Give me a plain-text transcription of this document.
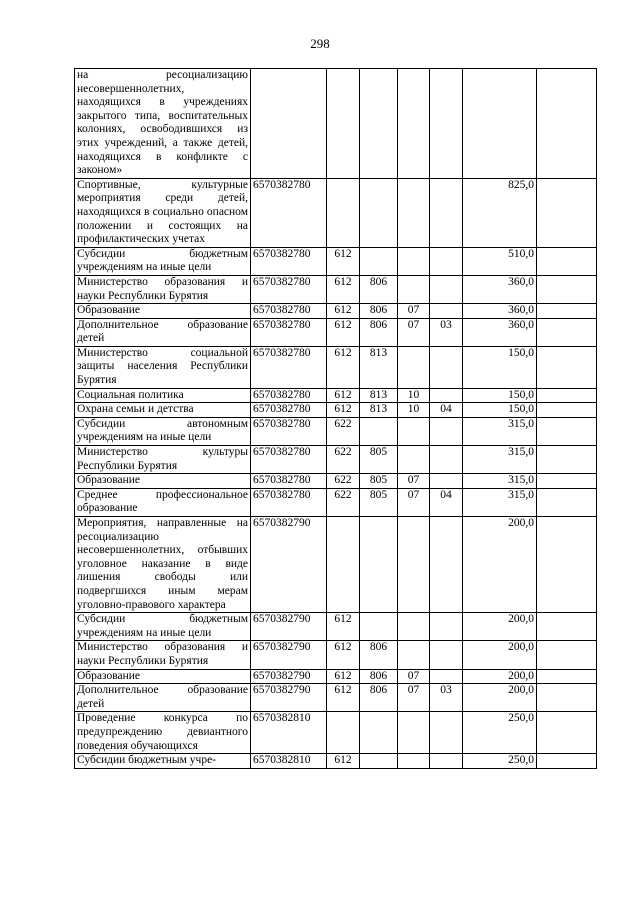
298
на ресоциализацию несовершеннолетних, находящихся в учреждениях закрытого типа, воспитательных колониях, освободившихся из этих учреждений, а также детей, находящихся в конфликте с законом»							
Спортивные, культурные мероприятия среди детей, находящихся в социально опасном положении и состоящих на профилактических учетах	6570382780					825,0	
Субсидии бюджетным учреждениям на иные цели	6570382780	612				510,0	
Министерство образования и науки Республики Бурятия	6570382780	612	806			360,0	
Образование	6570382780	612	806	07		360,0	
Дополнительное образование детей	6570382780	612	806	07	03	360,0	
Министерство социальной защиты населения Республики Бурятия	6570382780	612	813			150,0	
Социальная политика	6570382780	612	813	10		150,0	
Охрана семьи и детства	6570382780	612	813	10	04	150,0	
Субсидии автономным учреждениям на иные цели	6570382780	622				315,0	
Министерство культуры Республики Бурятия	6570382780	622	805			315,0	
Образование	6570382780	622	805	07		315,0	
Среднее профессиональное образование	6570382780	622	805	07	04	315,0	
Мероприятия, направленные на ресоциализацию несовершеннолетних, отбывших уголовное наказание в виде лишения свободы или подвергшихся иным мерам уголовно-правового характера	6570382790					200,0	
Субсидии бюджетным учреждениям на иные цели	6570382790	612				200,0	
Министерство образования и науки Республики Бурятия	6570382790	612	806			200,0	
Образование	6570382790	612	806	07		200,0	
Дополнительное образование детей	6570382790	612	806	07	03	200,0	
Проведение конкурса по предупреждению девиантного поведения обучающихся	6570382810					250,0	
Субсидии бюджетным учре-	6570382810	612				250,0	
